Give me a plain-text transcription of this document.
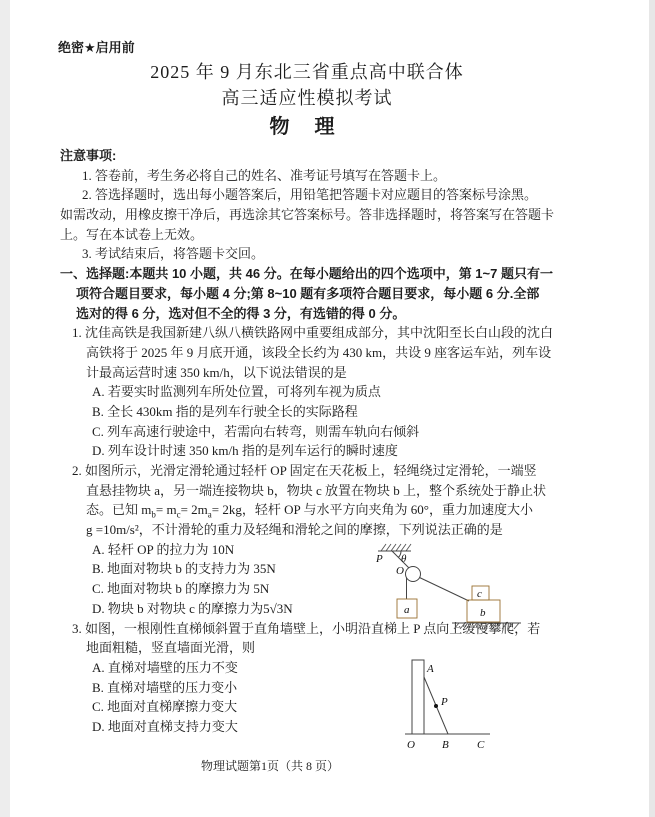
绝密★启用前
2025 年 9 月东北三省重点高中联合体
高三适应性模拟考试
物 理
注意事项:
1. 答卷前，考生务必将自己的姓名、准考证号填写在答题卡上。
2. 答选择题时，选出每小题答案后，用铅笔把答题卡对应题目的答案标号涂黑。
如需改动，用橡皮擦干净后，再选涂其它答案标号。答非选择题时，将答案写在答题卡
上。写在本试卷上无效。
3. 考试结束后，将答题卡交回。
一、选择题:本题共 10 小题，共 46 分。在每小题给出的四个选项中，第 1~7 题只有一
项符合题目要求，每小题 4 分;第 8~10 题有多项符合题目要求，每小题 6 分.全部
选对的得 6 分，选对但不全的得 3 分，有选错的得 0 分。
1. 沈佳高铁是我国新建八纵八横铁路网中重要组成部分，其中沈阳至长白山段的沈白
高铁将于 2025 年 9 月底开通，该段全长约为 430 km，共设 9 座客运车站，列车设
计最高运营时速 350 km/h，以下说法错误的是
A. 若要实时监测列车所处位置，可将列车视为质点
B. 全长 430km 指的是列车行驶全长的实际路程
C. 列车高速行驶途中，若需向右转弯，则需车轨向右倾斜
D. 列车设计时速 350 km/h 指的是列车运行的瞬时速度
2. 如图所示，光滑定滑轮通过轻杆 OP 固定在天花板上，轻绳绕过定滑轮，一端竖
直悬挂物块 a，另一端连接物块 b，物块 c 放置在物块 b 上，整个系统处于静止状
态。已知 $m_b= m_c= 2m_a= 2kg$，轻杆 OP 与水平方向夹角为 60°，重力加速度大小
g =10m/s²，不计滑轮的重力及轻绳和滑轮之间的摩擦，下列说法正确的是
A. 轻杆 OP 的拉力为 10N
B. 地面对物块 b 的支持力为 35N
C. 地面对物块 b 的摩擦力为 5N
D. 物块 b 对物块 c 的摩擦力为5√3N
3. 如图，一根刚性直梯倾斜置于直角墙壁上，小明沿直梯上 P 点向上缓慢攀爬，若
地面粗糙，竖直墙面光滑，则
A. 直梯对墙壁的压力不变
B. 直梯对墙壁的压力变小
C. 地面对直梯摩擦力变大
D. 地面对直梯支持力变大
P θ
O
a
c
b
A
P
O B	C
物理试题第1页（共 8 页）
